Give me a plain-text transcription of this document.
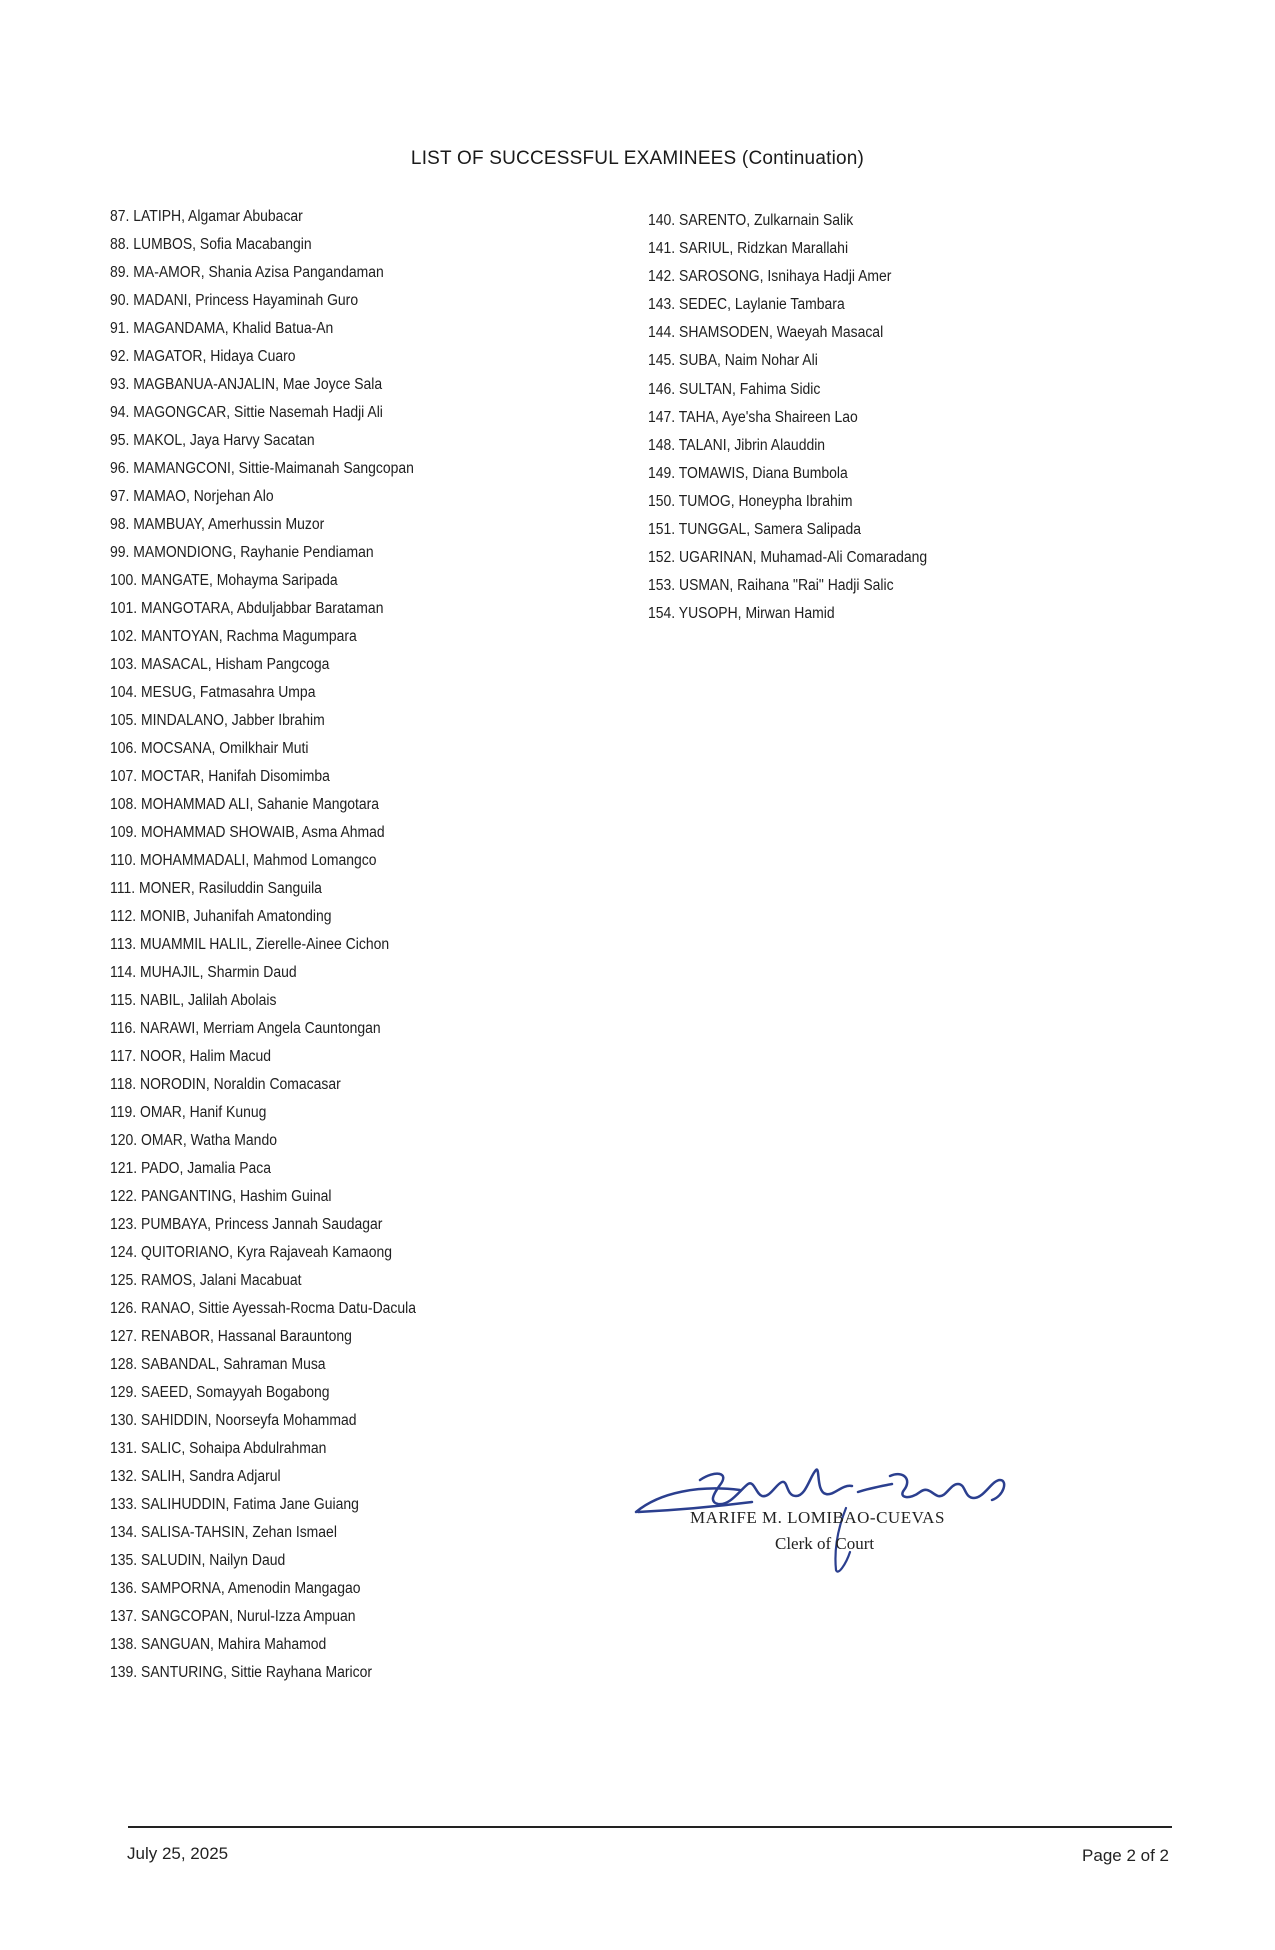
LIST OF SUCCESSFUL EXAMINEES (Continuation)
87. LATIPH, Algamar Abubacar
88. LUMBOS, Sofia Macabangin
89. MA-AMOR, Shania Azisa Pangandaman
90. MADANI, Princess Hayaminah Guro
91. MAGANDAMA, Khalid Batua-An
92. MAGATOR, Hidaya Cuaro
93. MAGBANUA-ANJALIN, Mae Joyce Sala
94. MAGONGCAR, Sittie Nasemah Hadji Ali
95. MAKOL, Jaya Harvy Sacatan
96. MAMANGCONI, Sittie-Maimanah Sangcopan
97. MAMAO, Norjehan Alo
98. MAMBUAY, Amerhussin Muzor
99. MAMONDIONG, Rayhanie Pendiaman
100. MANGATE, Mohayma Saripada
101. MANGOTARA, Abduljabbar Barataman
102. MANTOYAN, Rachma Magumpara
103. MASACAL, Hisham Pangcoga
104. MESUG, Fatmasahra Umpa
105. MINDALANO, Jabber Ibrahim
106. MOCSANA, Omilkhair Muti
107. MOCTAR, Hanifah Disomimba
108. MOHAMMAD ALI, Sahanie Mangotara
109. MOHAMMAD SHOWAIB, Asma Ahmad
110. MOHAMMADALI, Mahmod Lomangco
111. MONER, Rasiluddin Sanguila
112. MONIB, Juhanifah Amatonding
113. MUAMMIL HALIL, Zierelle-Ainee Cichon
114. MUHAJIL, Sharmin Daud
115. NABIL, Jalilah Abolais
116. NARAWI, Merriam Angela Cauntongan
117. NOOR, Halim Macud
118. NORODIN, Noraldin Comacasar
119. OMAR, Hanif Kunug
120. OMAR, Watha Mando
121. PADO, Jamalia Paca
122. PANGANTING, Hashim Guinal
123. PUMBAYA, Princess Jannah Saudagar
124. QUITORIANO, Kyra Rajaveah Kamaong
125. RAMOS, Jalani Macabuat
126. RANAO, Sittie Ayessah-Rocma Datu-Dacula
127. RENABOR, Hassanal Barauntong
128. SABANDAL, Sahraman Musa
129. SAEED, Somayyah Bogabong
130. SAHIDDIN, Noorseyfa Mohammad
131. SALIC, Sohaipa Abdulrahman
132. SALIH, Sandra Adjarul
133. SALIHUDDIN, Fatima Jane Guiang
134. SALISA-TAHSIN, Zehan Ismael
135. SALUDIN, Nailyn Daud
136. SAMPORNA, Amenodin Mangagao
137. SANGCOPAN, Nurul-Izza Ampuan
138. SANGUAN, Mahira Mahamod
139. SANTURING, Sittie Rayhana Maricor
140. SARENTO, Zulkarnain Salik
141. SARIUL, Ridzkan Marallahi
142. SAROSONG, Isnihaya Hadji Amer
143. SEDEC, Laylanie Tambara
144. SHAMSODEN, Waeyah Masacal
145. SUBA, Naim Nohar Ali
146. SULTAN, Fahima Sidic
147. TAHA, Aye'sha Shaireen Lao
148. TALANI, Jibrin Alauddin
149. TOMAWIS, Diana Bumbola
150. TUMOG, Honeypha Ibrahim
151. TUNGGAL, Samera Salipada
152. UGARINAN, Muhamad-Ali Comaradang
153. USMAN, Raihana "Rai" Hadji Salic
154. YUSOPH, Mirwan Hamid
MARIFE M. LOMIBAO-CUEVAS
Clerk of Court
July 25, 2025	Page 2 of 2
